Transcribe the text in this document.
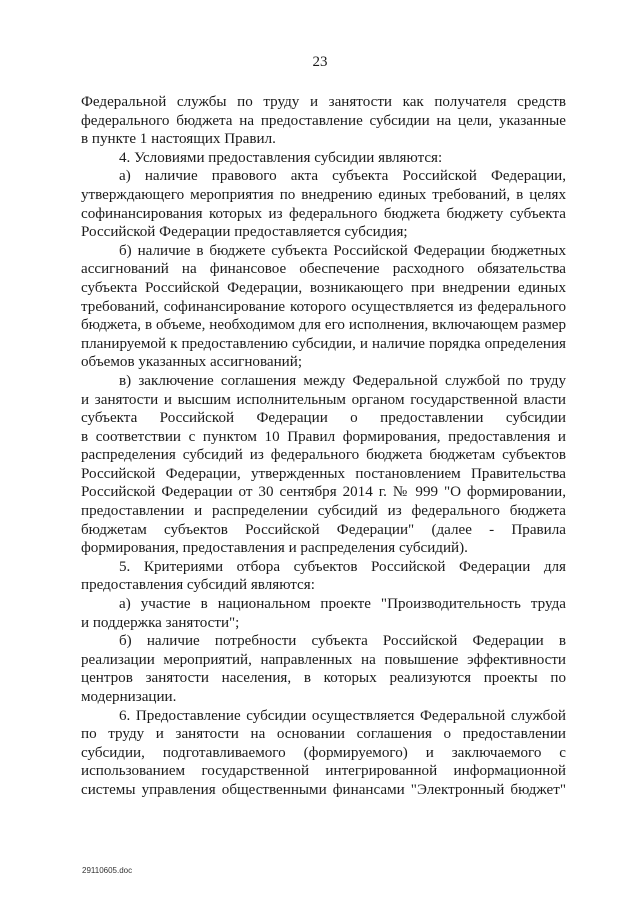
23
Федеральной службы по труду и занятости как получателя средств
федерального бюджета на предоставление субсидии на цели, указанные
в пункте 1 настоящих Правил.
4. Условиями предоставления субсидии являются:
а) наличие правового акта субъекта Российской Федерации,
утверждающего мероприятия по внедрению единых требований, в целях
софинансирования которых из федерального бюджета бюджету субъекта
Российской Федерации предоставляется субсидия;
б) наличие в бюджете субъекта Российской Федерации бюджетных
ассигнований на финансовое обеспечение расходного обязательства
субъекта Российской Федерации, возникающего при внедрении единых
требований, софинансирование которого осуществляется из федерального
бюджета, в объеме, необходимом для его исполнения, включающем размер
планируемой к предоставлению субсидии, и наличие порядка определения
объемов указанных ассигнований;
в) заключение соглашения между Федеральной службой по труду
и занятости и высшим исполнительным органом государственной власти
субъекта Российской Федерации о предоставлении субсидии
в соответствии с пунктом 10 Правил формирования, предоставления и
распределения субсидий из федерального бюджета бюджетам субъектов
Российской Федерации, утвержденных постановлением Правительства
Российской Федерации от 30 сентября 2014 г. № 999 "О формировании,
предоставлении и распределении субсидий из федерального бюджета
бюджетам субъектов Российской Федерации" (далее - Правила
формирования, предоставления и распределения субсидий).
5. Критериями отбора субъектов Российской Федерации для
предоставления субсидий являются:
а) участие в национальном проекте "Производительность труда
и поддержка занятости";
б) наличие потребности субъекта Российской Федерации в
реализации мероприятий, направленных на повышение эффективности
центров занятости населения, в которых реализуются проекты по
модернизации.
6. Предоставление субсидии осуществляется Федеральной службой
по труду и занятости на основании соглашения о предоставлении
субсидии, подготавливаемого (формируемого) и заключаемого с
использованием государственной интегрированной информационной
системы управления общественными финансами "Электронный бюджет"
29110605.doc
